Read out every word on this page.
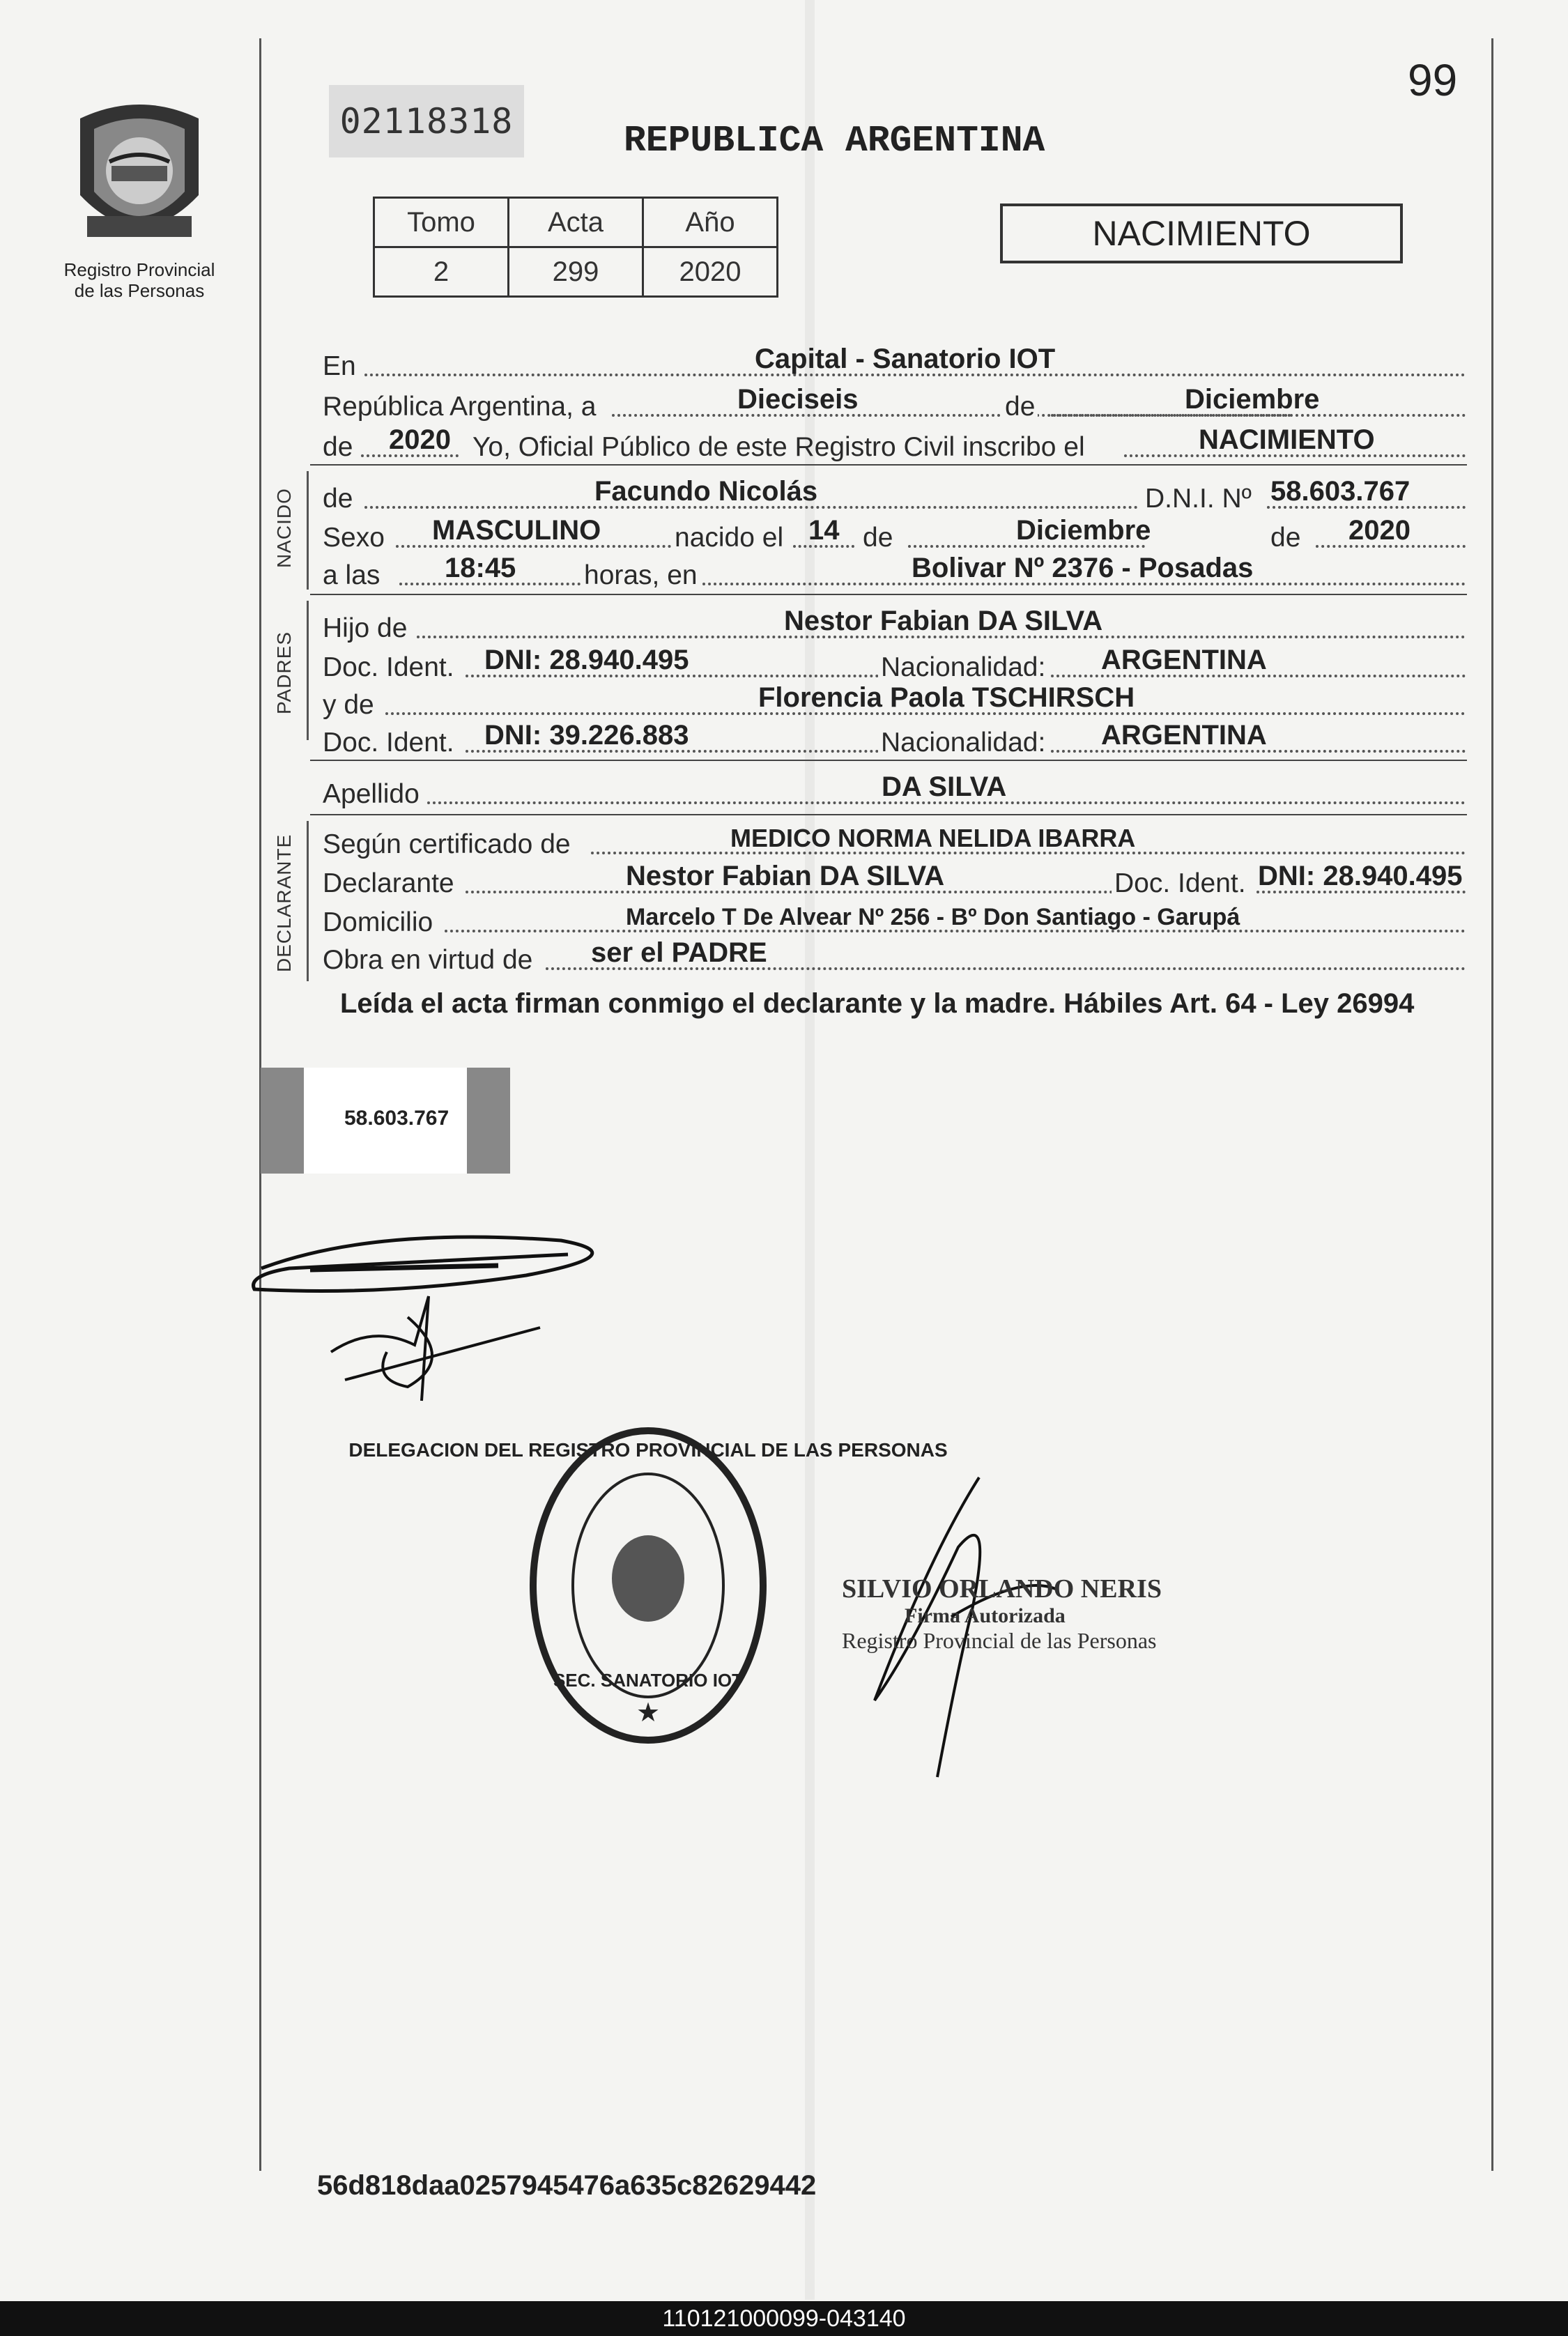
99
Registro Provincial
de las Personas
02118318	REPUBLICA ARGENTINA
Tomo	Acta	Año
2	299	2020
NACIMIENTO
En	Capital - Sanatorio IOT
República Argentina, a	Dieciseis	de	Diciembre
de 2020 Yo, Oficial Público de este Registro Civil inscribo el	NACIMIENTO
NACIDO de	Facundo Nicolás	D.N.I. Nº 58.603.767
Sexo MASCULINO	nacido el 14 de	Diciembre	de 2020
a las 18:45	horas, en	Bolivar Nº 2376 - Posadas
PADRES
Hijo de	Nestor Fabian DA SILVA
Doc. Ident. DNI: 28.940.495	Nacionalidad: ARGENTINA
y de	Florencia Paola TSCHIRSCH
Doc. Ident. DNI: 39.226.883	Nacionalidad: ARGENTINA
Apellido	DA SILVA
DECLARANTE Según certificado de	MEDICO NORMA NELIDA IBARRA
Declarante	Nestor Fabian DA SILVA	Doc. Ident. DNI: 28.940.495
Domicilio	Marcelo T De Alvear Nº 256 - Bº Don Santiago - Garupá
Obra en virtud de ser el PADRE
Leída el acta firman conmigo el declarante y la madre. Hábiles Art. 64 - Ley 26994
58.603.767
DELEGACION DEL REGISTRO PROVINCIAL DE LAS PERSONAS
SEC. SANATORIO IOT
★
SILVIO ORLANDO NERIS
Firma Autorizada
Registro Provincial de las Personas
56d818daa0257945476a635c82629442
110121000099-043140
